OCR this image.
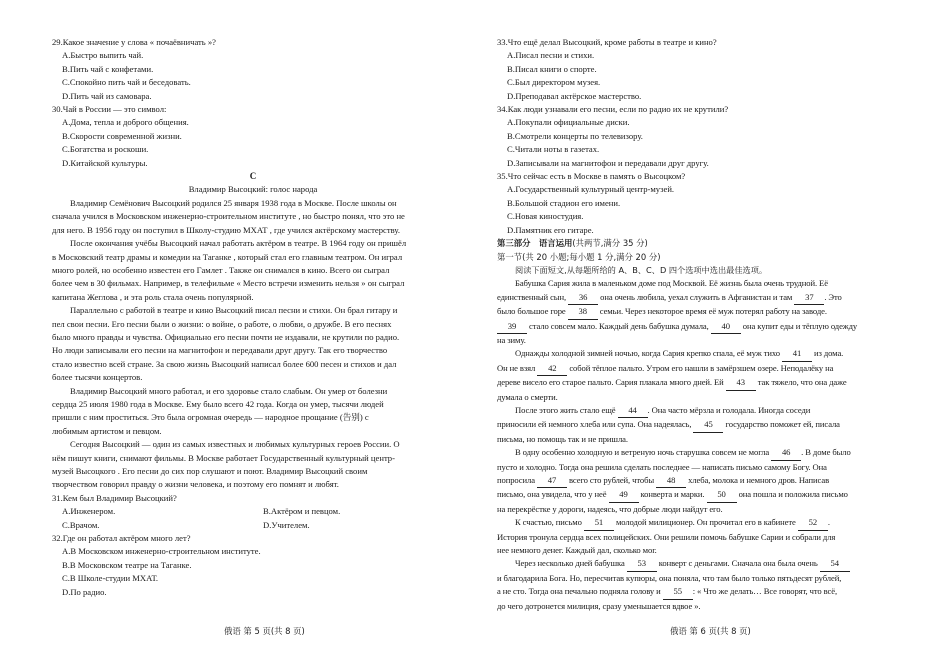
29.Какое значение у слова « почаёвничать »?
A.Быстро выпить чай.
B.Пить чай с конфетами.
C.Спокойно пить чай и беседовать.
D.Пить чай из самовара.
30.Чай в России — это символ:
A.Дома, тепла и доброго общения.
B.Скорости современной жизни.
C.Богатства и роскоши.
D.Китайской культуры.
C
Владимир Высоцкий: голос народа
Владимир Семёнович Высоцкий родился 25 января 1938 года в Москве. После школы он
сначала учился в Московском инженерно-строительном институте , но быстро понял, что это не
для него. В 1956 году он поступил в Школу-студию МХАТ , где учился актёрскому мастерству.
После окончания учёбы Высоцкий начал работать актёром в театре. В 1964 году он пришёл
в Московский театр драмы и комедии на Таганке , который стал его главным театром. Он играл
много ролей, но особенно известен его Гамлет . Также он снимался в кино. Всего он сыграл
более чем в 30 фильмах. Например, в телефильме « Место встречи изменить нельзя » он сыграл
капитана Жеглова , и эта роль стала очень популярной.
Параллельно с работой в театре и кино Высоцкий писал песни и стихи. Он брал гитару и
пел свои песни. Его песни были о жизни: о войне, о работе, о любви, о дружбе. В его песнях
было много правды и чувства. Официально его песни почти не издавали, не крутили по радио.
Но люди записывали его песни на магнитофон и передавали друг другу. Так его творчество
стало известно всей стране. За свою жизнь Высоцкий написал более 600 песен и стихов и дал
более тысячи концертов.
Владимир Высоцкий много работал, и его здоровье стало слабым. Он умер от болезни
сердца 25 июля 1980 года в Москве. Ему было всего 42 года. Когда он умер, тысячи людей
пришли с ним проститься. Это была огромная очередь — народное прощание (告别) с
любимым артистом и певцом.
Сегодня Высоцкий — один из самых известных и любимых культурных героев России. О
нём пишут книги, снимают фильмы. В Москве работает Государственный культурный центр-
музей Высоцкого . Его песни до сих пор слушают и поют. Владимир Высоцкий своим
творчеством говорил правду о жизни человека, и поэтому его помнят и любят.
31.Кем был Владимир Высоцкий?
A.Инженером.	B.Актёром и певцом.
C.Врачом.	D.Учителем.
32.Где он работал актёром много лет?
A.В Московском инженерно-строительном институте.
B.В Московском театре на Таганке.
C.В Школе-студии МХАТ.
D.По радио.
俄语 第 5 页(共 8 页)
33.Что ещё делал Высоцкий, кроме работы в театре и кино?
A.Писал песни и стихи.
B.Писал книги о спорте.
C.Был директором музея.
D.Преподавал актёрское мастерство.
34.Как люди узнавали его песни, если по радио их не крутили?
A.Покупали официальные диски.
B.Смотрели концерты по телевизору.
C.Читали ноты в газетах.
D.Записывали на магнитофон и передавали друг другу.
35.Что сейчас есть в Москве в память о Высоцком?
A.Государственный культурный центр-музей.
B.Большой стадион его имени.
C.Новая киностудия.
D.Памятник его гитаре.
第三部分　语言运用(共两节,满分 35 分)
第一节(共 20 小题;每小题 1 分,满分 20 分)
阅读下面短文,从每题所给的 A、B、C、D 四个选项中选出最佳选项。
Бабушка Сария жила в маленьком доме под Москвой. Её жизнь была очень трудной. Её
единственный сын, 36 она очень любила, уехал служить в Афганистан и там 37 . Это
было большое горе 38 семьи. Через некоторое время её муж потерял работу на заводе.
39 стало совсем мало. Каждый день бабушка думала, 40 она купит еды и тёплую одежду
на зиму.
Однажды холодной зимней ночью, когда Сария крепко спала, её муж тихо 41 из дома.
Он не взял 42 собой тёплое пальто. Утром его нашли в замёрзшем озере. Неподалёку на
дереве висело его старое пальто. Сария плакала много дней. Ей 43 так тяжело, что она даже
думала о смерти.
После этого жить стало ещё 44 . Она часто мёрзла и голодала. Иногда соседи
приносили ей немного хлеба или супа. Она надеялась, 45 государство поможет ей, писала
письма, но помощь так и не пришла.
В одну особенно холодную и ветреную ночь старушка совсем не могла 46 . В доме было
пусто и холодно. Тогда она решила сделать последнее — написать письмо самому Богу. Она
попросила 47 всего сто рублей, чтобы 48 хлеба, молока и немного дров. Написав
письмо, она увидела, что у неё 49 конверта и марки. 50 она пошла и положила письмо
на перекрёстке у дороги, надеясь, что добрые люди найдут его.
К счастью, письмо 51 молодой милиционер. Он прочитал его в кабинете 52 .
История тронула сердца всех полицейских. Они решили помочь бабушке Сарии и собрали для
нее немного денег. Каждый дал, сколько мог.
Через несколько дней бабушка 53 конверт с деньгами. Сначала она была очень 54
и благодарила Бога. Но, пересчитав купюры, она поняла, что там было только пятьдесят рублей,
а не сто. Тогда она печально подняла голову и 55 : « Что же делать… Все говорят, что всё,
до чего дотронется милиция, сразу уменьшается вдвое ».
俄语 第 6 页(共 8 页)
